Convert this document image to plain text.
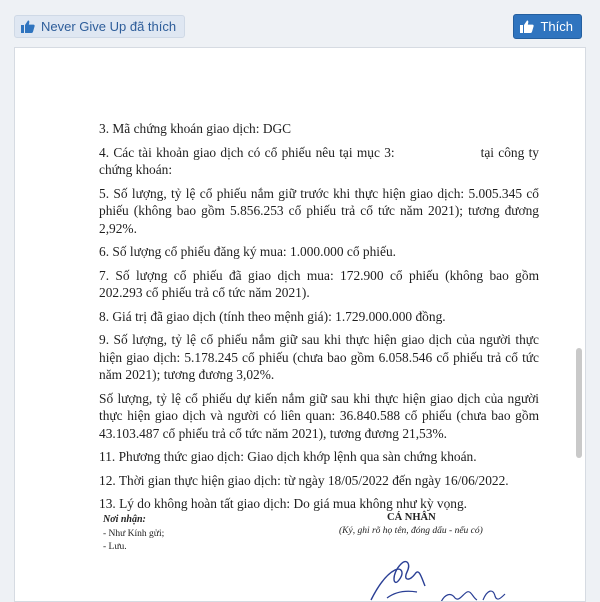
Never Give Up đã thích	Thích

3. Mã chứng khoán giao dịch: DGC

4. Các tài khoản giao dịch có cổ phiếu nêu tại mục 3:	tại công ty chứng khoán:

5. Số lượng, tỷ lệ cổ phiếu nắm giữ trước khi thực hiện giao dịch: 5.005.345 cổ phiếu (không bao gồm 5.856.253 cổ phiếu trả cổ tức năm 2021); tương đương 2,92%.

6. Số lượng cổ phiếu đăng ký mua: 1.000.000 cổ phiếu.

7. Số lượng cổ phiếu đã giao dịch mua: 172.900 cổ phiếu (không bao gồm 202.293 cổ phiếu trả cổ tức năm 2021).

8. Giá trị đã giao dịch (tính theo mệnh giá): 1.729.000.000 đồng.

9. Số lượng, tỷ lệ cổ phiếu nắm giữ sau khi thực hiện giao dịch của người thực hiện giao dịch: 5.178.245 cổ phiếu (chưa bao gồm 6.058.546 cổ phiếu trả cổ tức năm 2021); tương đương 3,02%.

Số lượng, tỷ lệ cổ phiếu dự kiến nắm giữ sau khi thực hiện giao dịch của người thực hiện giao dịch và người có liên quan: 36.840.588 cổ phiếu (chưa bao gồm 43.103.487 cổ phiếu trả cổ tức năm 2021), tương đương 21,53%.

11. Phương thức giao dịch: Giao dịch khớp lệnh qua sàn chứng khoán.

12. Thời gian thực hiện giao dịch: từ ngày 18/05/2022 đến ngày 16/06/2022.

13. Lý do không hoàn tất giao dịch: Do giá mua không như kỳ vọng.

Nơi nhận:
- Như Kính gửi;
- Lưu.
CÁ NHÂN
(Ký, ghi rõ họ tên, đóng dấu - nếu có)
